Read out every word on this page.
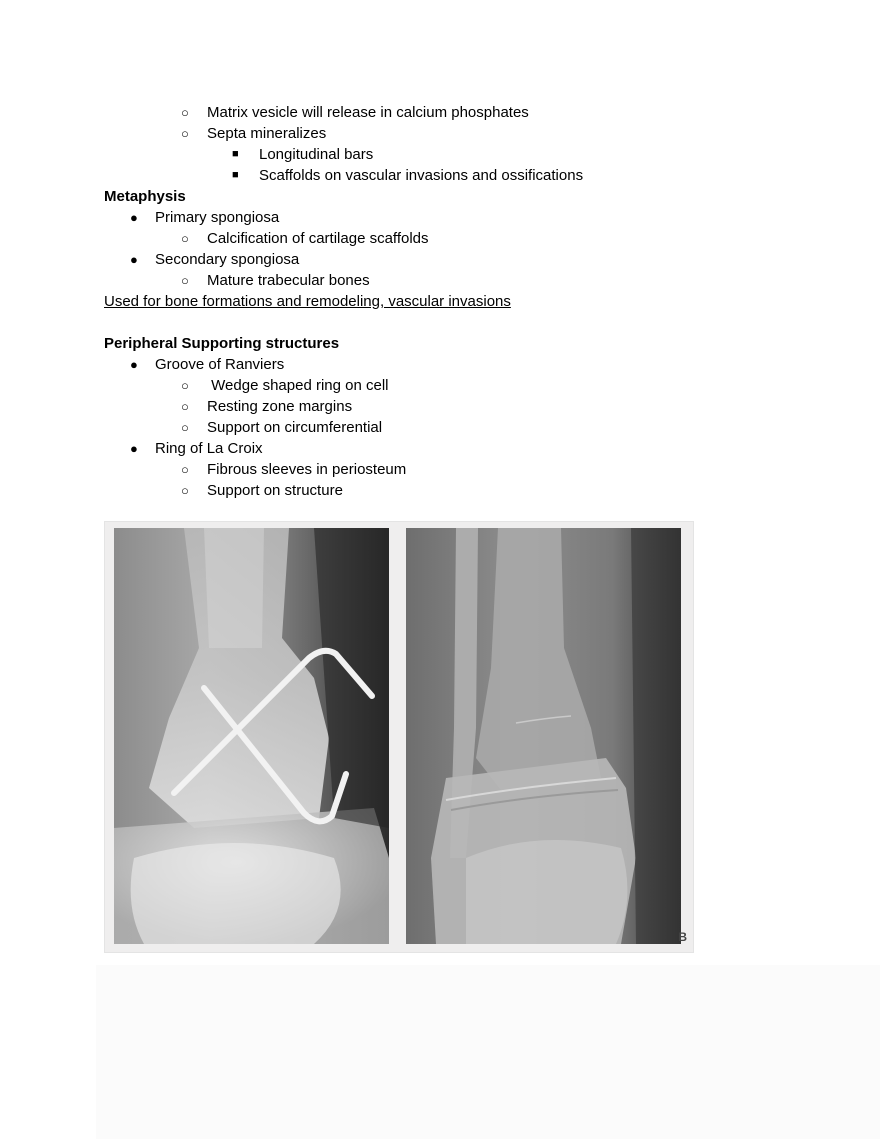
○ Matrix vesicle will release in calcium phosphates
○ Septa mineralizes
■ Longitudinal bars
■ Scaffolds on vascular invasions and ossifications
Metaphysis
● Primary spongiosa
○ Calcification of cartilage scaffolds
● Secondary spongiosa
○ Mature trabecular bones
Used for bone formations and remodeling, vascular invasions
Peripheral Supporting structures
● Groove of Ranviers
○ Wedge shaped ring on cell
○ Resting zone margins
○ Support on circumferential
● Ring of La Croix
○ Fibrous sleeves in periosteum
○ Support on structure
B
